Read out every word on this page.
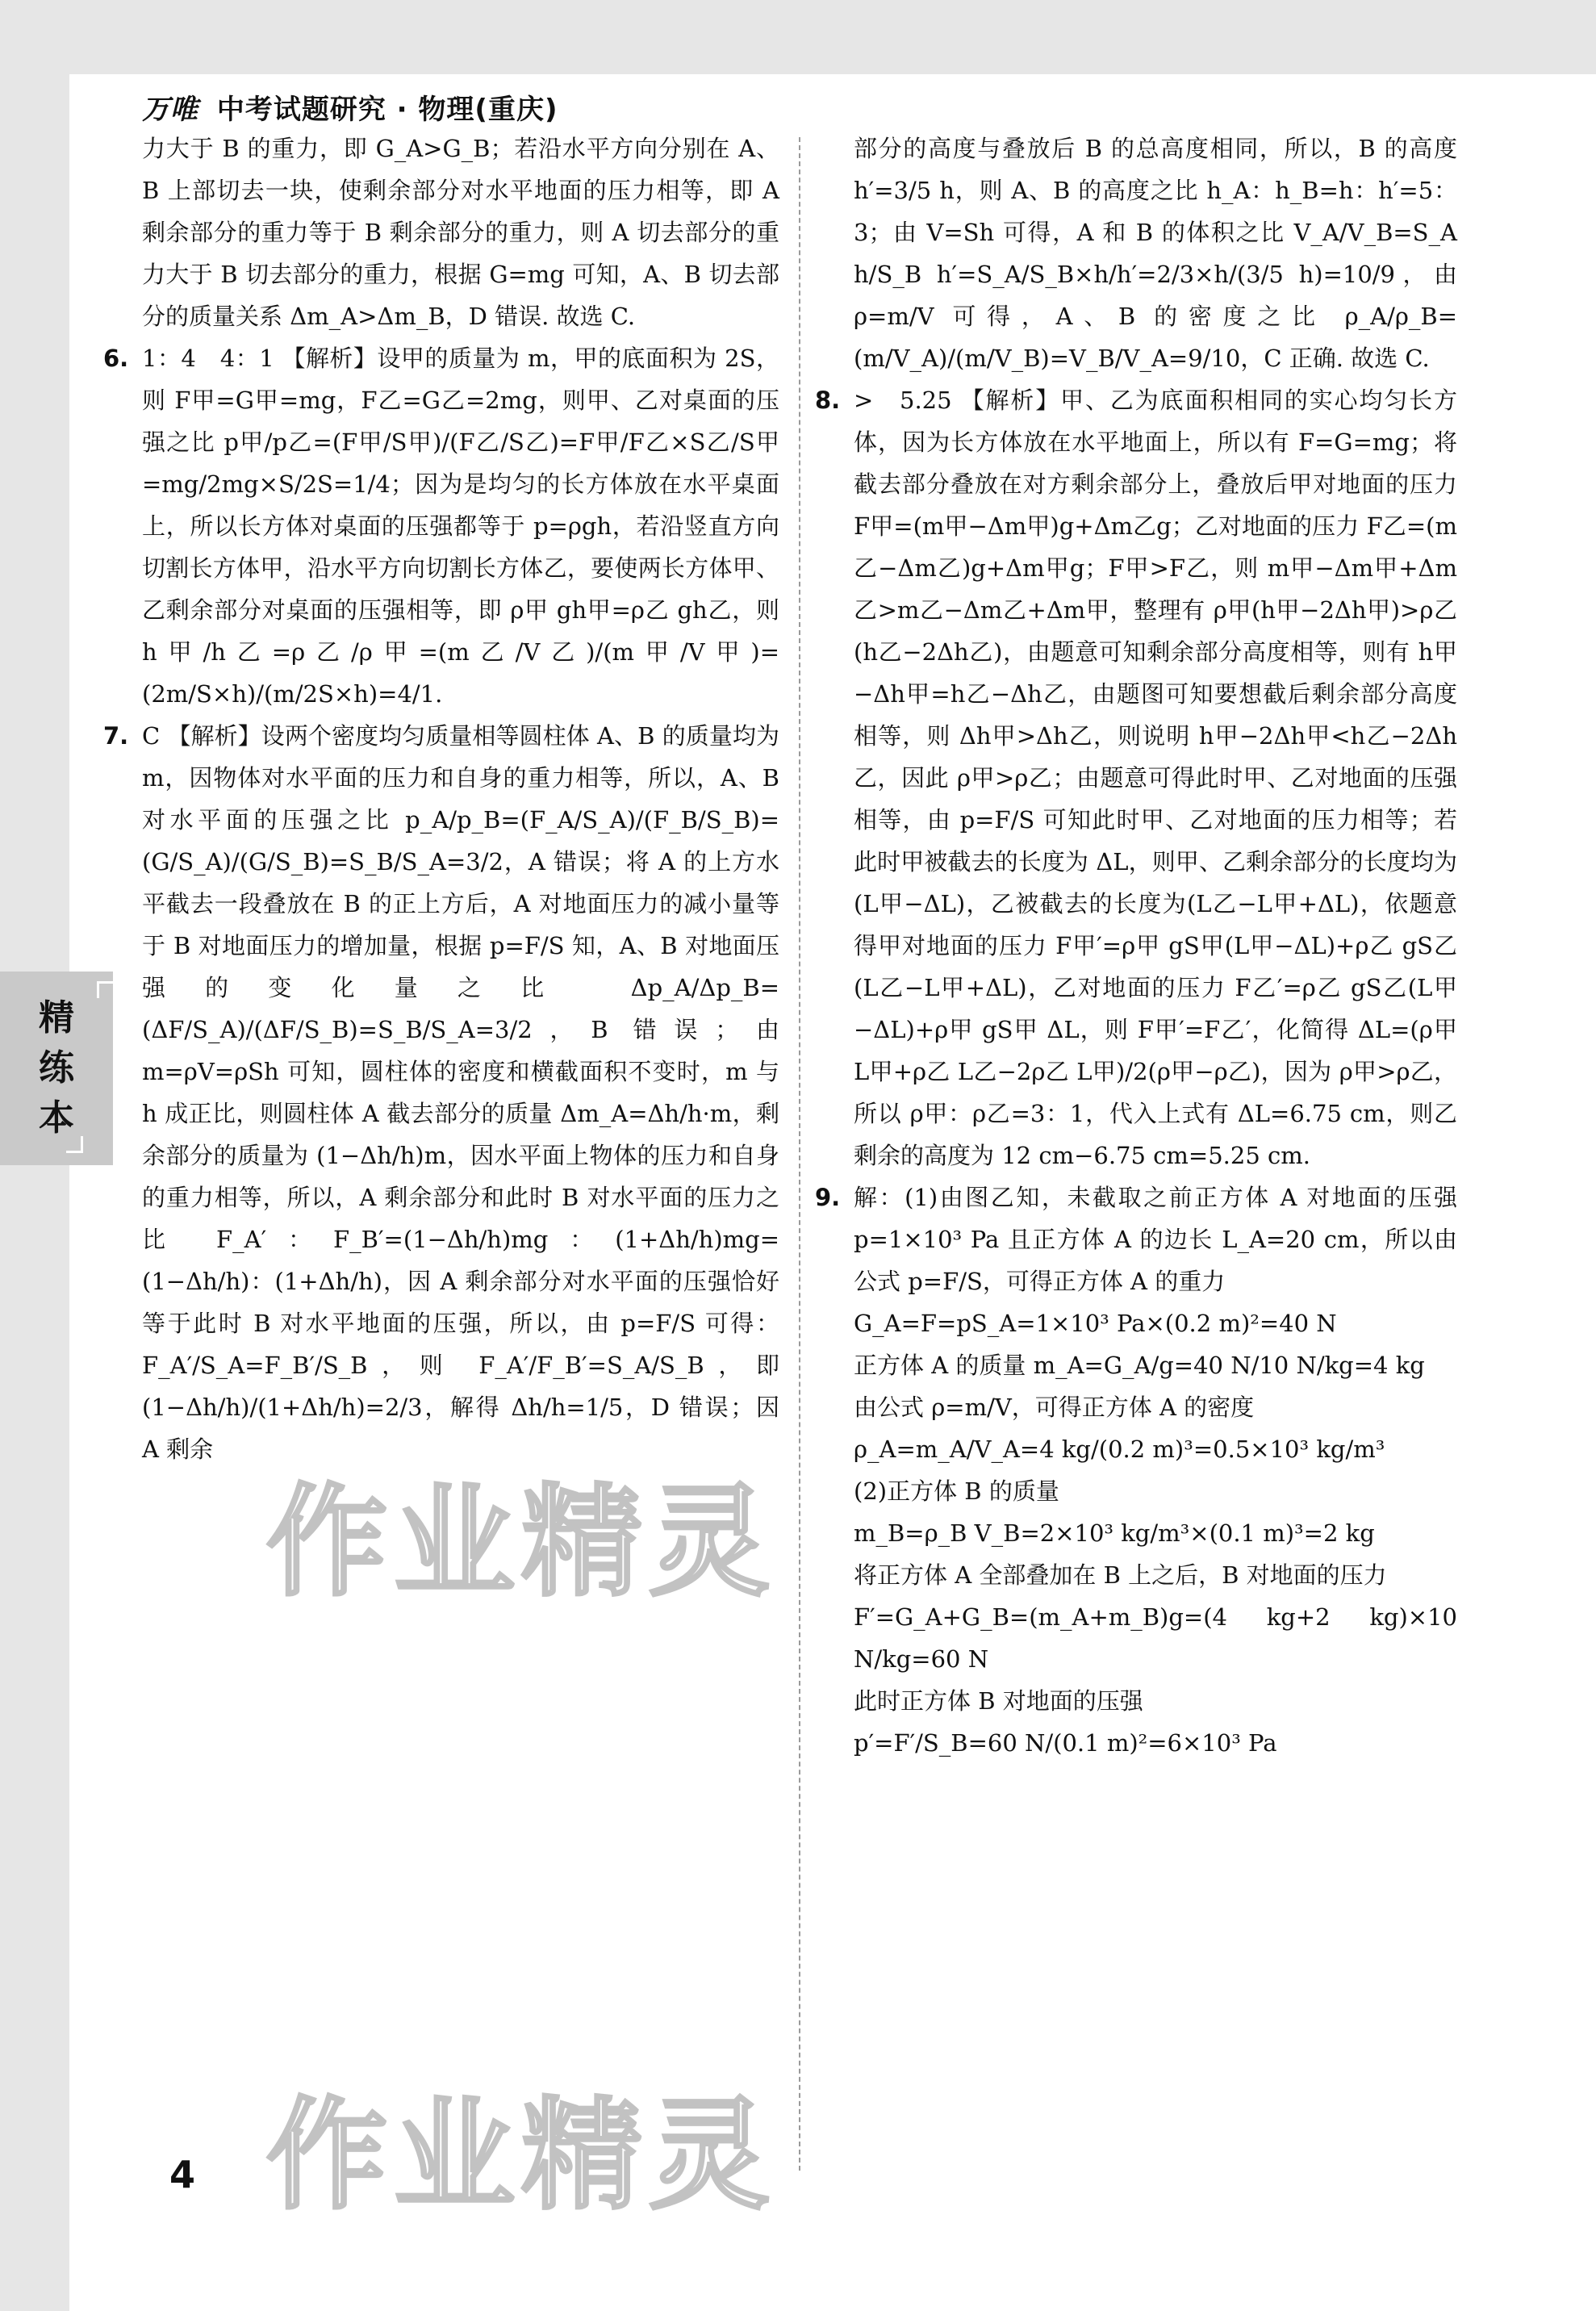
万唯 中考试题研究 · 物理(重庆)

力大于 B 的重力，即 G_A>G_B；若沿水平方向分别在 A、B 上部切去一块，使剩余部分对水平地面的压力相等，即 A 剩余部分的重力等于 B 剩余部分的重力，则 A 切去部分的重力大于 B 切去部分的重力，根据 G=mg 可知，A、B 切去部分的质量关系 Δm_A>Δm_B，D 错误. 故选 C.

6. 1：4　4：1 【解析】设甲的质量为 m，甲的底面积为 2S，则 F甲=G甲=mg，F乙=G乙=2mg，则甲、乙对桌面的压强之比 p甲/p乙=(F甲/S甲)/(F乙/S乙)=F甲/F乙×S乙/S甲=mg/2mg×S/2S=1/4；因为是均匀的长方体放在水平桌面上，所以长方体对桌面的压强都等于 p=ρgh，若沿竖直方向切割长方体甲，沿水平方向切割长方体乙，要使两长方体甲、乙剩余部分对桌面的压强相等，即 ρ甲 gh甲=ρ乙 gh乙，则 h甲/h乙=ρ乙/ρ甲=(m乙/V乙)/(m甲/V甲)=(2m/S×h)/(m/2S×h)=4/1.

7. C 【解析】设两个密度均匀质量相等圆柱体 A、B 的质量均为 m，因物体对水平面的压力和自身的重力相等，所以，A、B 对水平面的压强之比 p_A/p_B=(F_A/S_A)/(F_B/S_B)=(G/S_A)/(G/S_B)=S_B/S_A=3/2，A 错误；将 A 的上方水平截去一段叠放在 B 的正上方后，A 对地面压力的减小量等于 B 对地面压力的增加量，根据 p=F/S 知，A、B 对地面压强的变化量之比 Δp_A/Δp_B=(ΔF/S_A)/(ΔF/S_B)=S_B/S_A=3/2，B 错误；由 m=ρV=ρSh 可知，圆柱体的密度和横截面积不变时，m 与 h 成正比，则圆柱体 A 截去部分的质量 Δm_A=Δh/h·m，剩余部分的质量为 (1−Δh/h)m，因水平面上物体的压力和自身的重力相等，所以，A 剩余部分和此时 B 对水平面的压力之比 F_A′：F_B′=(1−Δh/h)mg：(1+Δh/h)mg=(1−Δh/h)：(1+Δh/h)，因 A 剩余部分对水平面的压强恰好等于此时 B 对水平地面的压强，所以，由 p=F/S 可得：F_A′/S_A=F_B′/S_B，则 F_A′/F_B′=S_A/S_B，即 (1−Δh/h)/(1+Δh/h)=2/3，解得 Δh/h=1/5，D 错误；因 A 剩余

部分的高度与叠放后 B 的总高度相同，所以，B 的高度 h′=3/5 h，则 A、B 的高度之比 h_A：h_B=h：h′=5：3；由 V=Sh 可得，A 和 B 的体积之比 V_A/V_B=S_A h/S_B h′=S_A/S_B×h/h′=2/3×h/(3/5 h)=10/9，由 ρ=m/V 可得，A、B 的密度之比 ρ_A/ρ_B=(m/V_A)/(m/V_B)=V_B/V_A=9/10，C 正确. 故选 C.

8. >　5.25 【解析】甲、乙为底面积相同的实心均匀长方体，因为长方体放在水平地面上，所以有 F=G=mg；将截去部分叠放在对方剩余部分上，叠放后甲对地面的压力 F甲=(m甲−Δm甲)g+Δm乙g；乙对地面的压力 F乙=(m乙−Δm乙)g+Δm甲g；F甲>F乙，则 m甲−Δm甲+Δm乙>m乙−Δm乙+Δm甲，整理有 ρ甲(h甲−2Δh甲)>ρ乙(h乙−2Δh乙)，由题意可知剩余部分高度相等，则有 h甲−Δh甲=h乙−Δh乙，由题图可知要想截后剩余部分高度相等，则 Δh甲>Δh乙，则说明 h甲−2Δh甲<h乙−2Δh乙，因此 ρ甲>ρ乙；由题意可得此时甲、乙对地面的压强相等，由 p=F/S 可知此时甲、乙对地面的压力相等；若此时甲被截去的长度为 ΔL，则甲、乙剩余部分的长度均为(L甲−ΔL)，乙被截去的长度为(L乙−L甲+ΔL)，依题意得甲对地面的压力 F甲′=ρ甲 gS甲(L甲−ΔL)+ρ乙 gS乙(L乙−L甲+ΔL)，乙对地面的压力 F乙′=ρ乙 gS乙(L甲−ΔL)+ρ甲 gS甲 ΔL，则 F甲′=F乙′，化简得 ΔL=(ρ甲 L甲+ρ乙 L乙−2ρ乙 L甲)/2(ρ甲−ρ乙)，因为 ρ甲>ρ乙，所以 ρ甲：ρ乙=3：1，代入上式有 ΔL=6.75 cm，则乙剩余的高度为 12 cm−6.75 cm=5.25 cm.

9. 解：(1)由图乙知，未截取之前正方体 A 对地面的压强 p=1×10³ Pa 且正方体 A 的边长 L_A=20 cm，所以由公式 p=F/S，可得正方体 A 的重力

G_A=F=pS_A=1×10³ Pa×(0.2 m)²=40 N

正方体 A 的质量 m_A=G_A/g=40 N/10 N/kg=4 kg

由公式 ρ=m/V，可得正方体 A 的密度

ρ_A=m_A/V_A=4 kg/(0.2 m)³=0.5×10³ kg/m³

(2)正方体 B 的质量

m_B=ρ_B V_B=2×10³ kg/m³×(0.1 m)³=2 kg

将正方体 A 全部叠加在 B 上之后，B 对地面的压力

F′=G_A+G_B=(m_A+m_B)g=(4 kg+2 kg)×10 N/kg=60 N

此时正方体 B 对地面的压强

p′=F′/S_B=60 N/(0.1 m)²=6×10³ Pa

精
练
本
作业精灵
作业精灵
4
